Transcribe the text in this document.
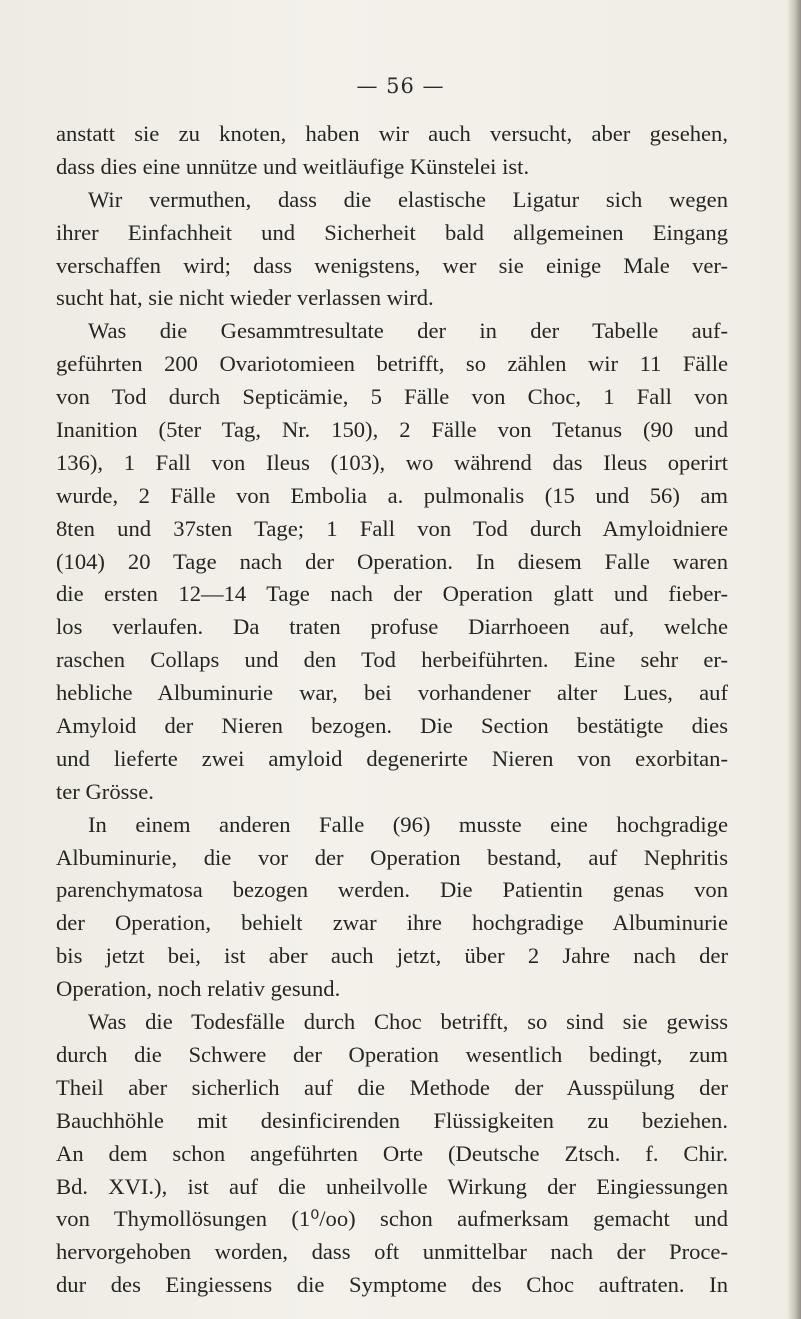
— 56 —
anstatt sie zu knoten, haben wir auch versucht, aber gesehen,
dass dies eine unnütze und weitläufige Künstelei ist.
Wir vermuthen, dass die elastische Ligatur sich wegen
ihrer Einfachheit und Sicherheit bald allgemeinen Eingang
verschaffen wird; dass wenigstens, wer sie einige Male ver-
sucht hat, sie nicht wieder verlassen wird.
Was die Gesammtresultate der in der Tabelle auf-
geführten 200 Ovariotomieen betrifft, so zählen wir 11 Fälle
von Tod durch Septicämie, 5 Fälle von Choc, 1 Fall von
Inanition (5ter Tag, Nr. 150), 2 Fälle von Tetanus (90 und
136), 1 Fall von Ileus (103), wo während das Ileus operirt
wurde, 2 Fälle von Embolia a. pulmonalis (15 und 56) am
8ten und 37sten Tage; 1 Fall von Tod durch Amyloidniere
(104) 20 Tage nach der Operation. In diesem Falle waren
die ersten 12—14 Tage nach der Operation glatt und fieber-
los verlaufen. Da traten profuse Diarrhoeen auf, welche
raschen Collaps und den Tod herbeiführten. Eine sehr er-
hebliche Albuminurie war, bei vorhandener alter Lues, auf
Amyloid der Nieren bezogen. Die Section bestätigte dies
und lieferte zwei amyloid degenerirte Nieren von exorbitan-
ter Grösse.
In einem anderen Falle (96) musste eine hochgradige
Albuminurie, die vor der Operation bestand, auf Nephritis
parenchymatosa bezogen werden. Die Patientin genas von
der Operation, behielt zwar ihre hochgradige Albuminurie
bis jetzt bei, ist aber auch jetzt, über 2 Jahre nach der
Operation, noch relativ gesund.
Was die Todesfälle durch Choc betrifft, so sind sie gewiss
durch die Schwere der Operation wesentlich bedingt, zum
Theil aber sicherlich auf die Methode der Ausspülung der
Bauchhöhle mit desinficirenden Flüssigkeiten zu beziehen.
An dem schon angeführten Orte (Deutsche Ztsch. f. Chir.
Bd. XVI.), ist auf die unheilvolle Wirkung der Eingiessungen
von Thymollösungen (1⁰/oo) schon aufmerksam gemacht und
hervorgehoben worden, dass oft unmittelbar nach der Proce-
dur des Eingiessens die Symptome des Choc auftraten. In
